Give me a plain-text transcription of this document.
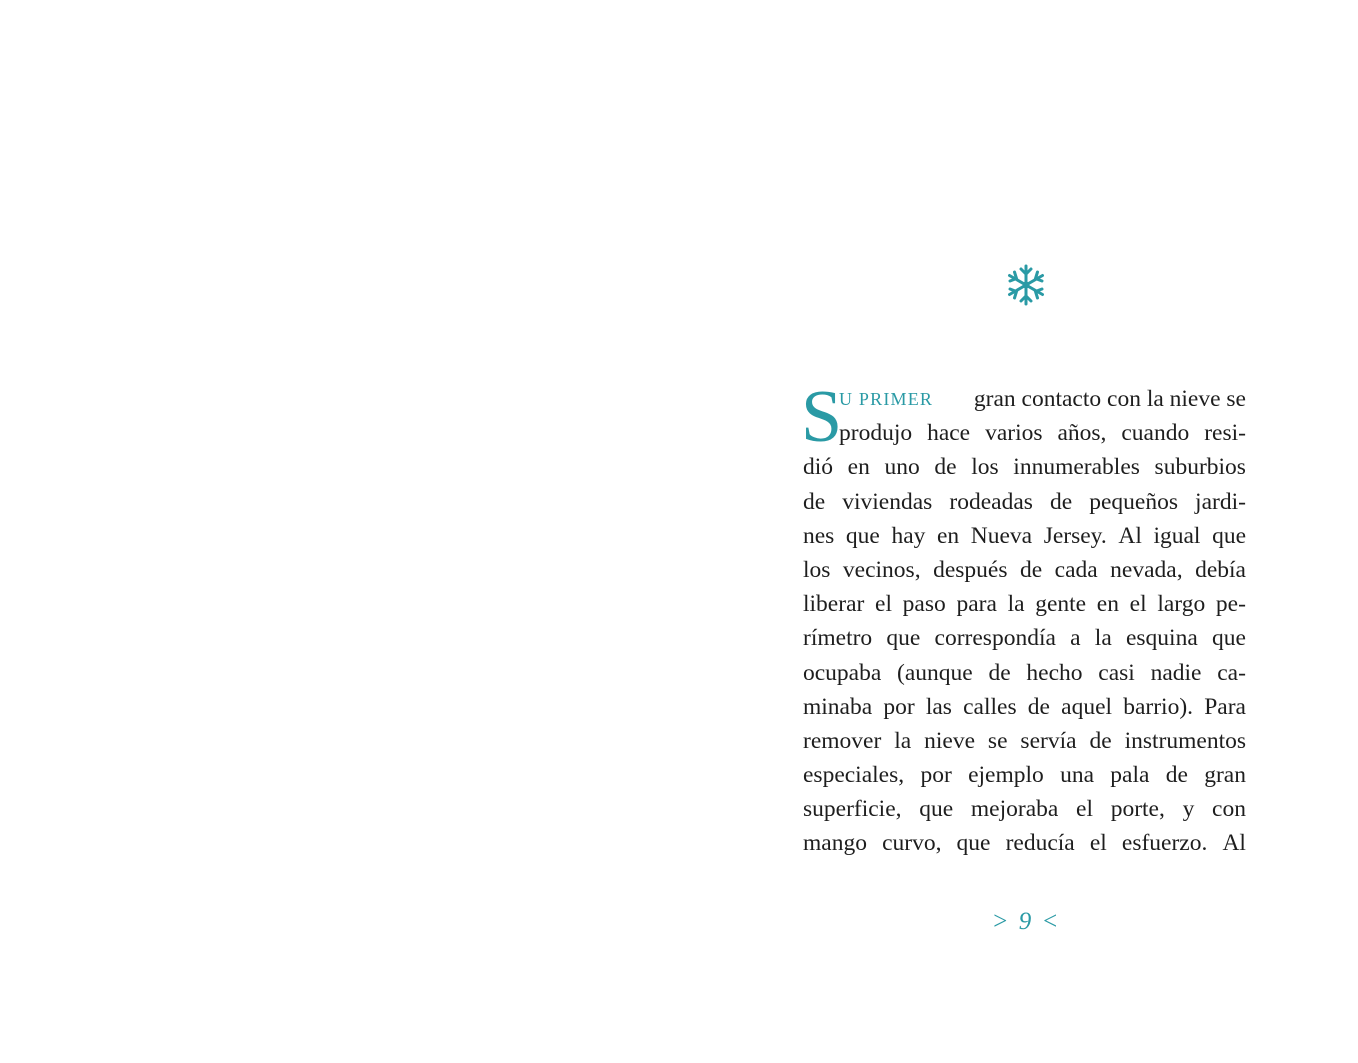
S
U PRIMER gran contacto con la nieve se
produjo hace varios años, cuando resi-
dió en uno de los innumerables suburbios
de viviendas rodeadas de pequeños jardi-
nes que hay en Nueva Jersey. Al igual que
los vecinos, después de cada nevada, debía
liberar el paso para la gente en el largo pe-
rímetro que correspondía a la esquina que
ocupaba (aunque de hecho casi nadie ca-
minaba por las calles de aquel barrio). Para
remover la nieve se servía de instrumentos
especiales, por ejemplo una pala de gran
superficie, que mejoraba el porte, y con
mango curvo, que reducía el esfuerzo. Al
> 9 <
